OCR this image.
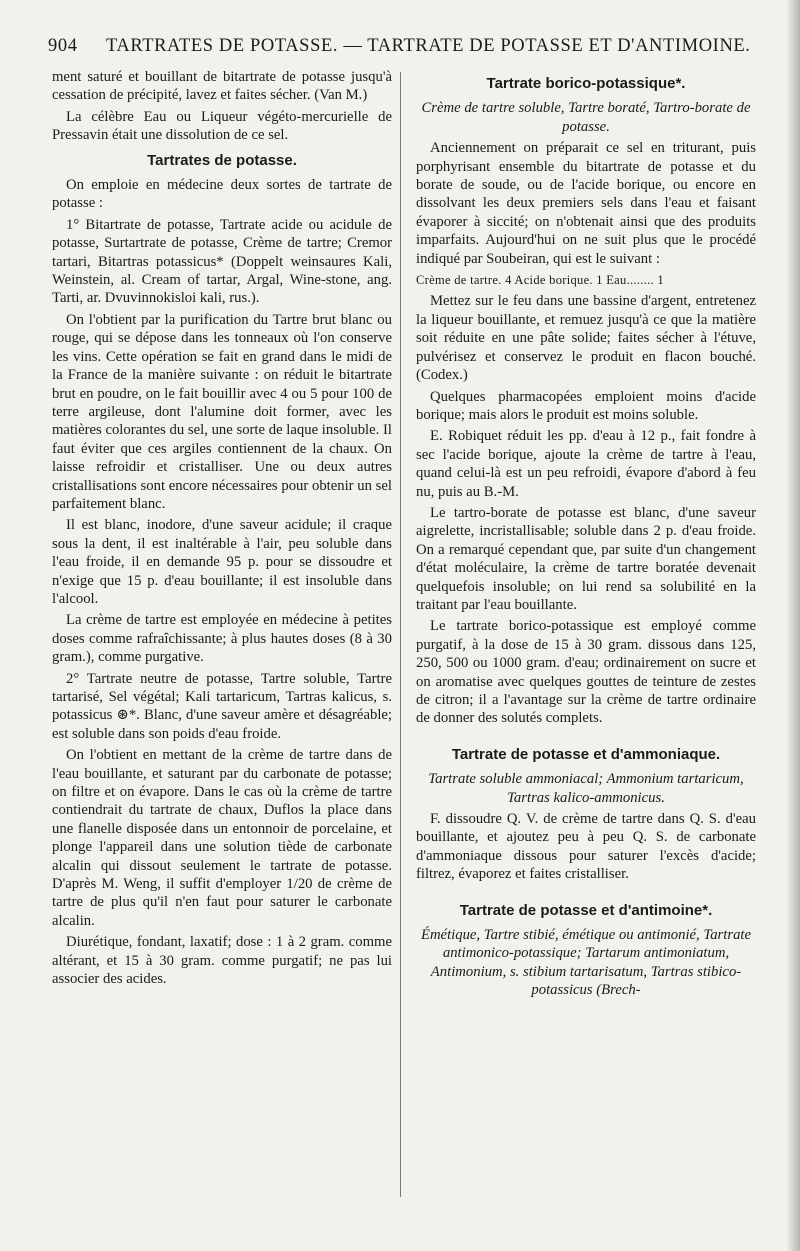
904 TARTRATES DE POTASSE. — TARTRATE DE POTASSE ET D'ANTIMOINE.

ment saturé et bouillant de bitartrate de potasse jusqu'à cessation de précipité, lavez et faites sécher. (Van M.)

La célèbre Eau ou Liqueur végéto-mercurielle de Pressavin était une dissolution de ce sel.

Tartrates de potasse.

On emploie en médecine deux sortes de tartrate de potasse :

1° Bitartrate de potasse, Tartrate acide ou acidule de potasse, Surtartrate de potasse, Crème de tartre; Cremor tartari, Bitartras potassicus* (Doppelt weinsaures Kali, Weinstein, al. Cream of tartar, Argal, Wine-stone, ang. Tarti, ar. Dvuvinnokisloi kali, rus.).

On l'obtient par la purification du Tartre brut blanc ou rouge, qui se dépose dans les tonneaux où l'on conserve les vins. Cette opération se fait en grand dans le midi de la France de la manière suivante : on réduit le bitartrate brut en poudre, on le fait bouillir avec 4 ou 5 pour 100 de terre argileuse, dont l'alumine doit former, avec les matières colorantes du sel, une sorte de laque insoluble. Il faut éviter que ces argiles contiennent de la chaux. On laisse refroidir et cristalliser. Une ou deux autres cristallisations sont encore nécessaires pour obtenir un sel parfaitement blanc.

Il est blanc, inodore, d'une saveur acidule; il craque sous la dent, il est inaltérable à l'air, peu soluble dans l'eau froide, il en demande 95 p. pour se dissoudre et n'exige que 15 p. d'eau bouillante; il est insoluble dans l'alcool.

La crème de tartre est employée en médecine à petites doses comme rafraîchissante; à plus hautes doses (8 à 30 gram.), comme purgative.

2° Tartrate neutre de potasse, Tartre soluble, Tartre tartarisé, Sel végétal; Kali tartaricum, Tartras kalicus, s. potassicus ⊛*. Blanc, d'une saveur amère et désagréable; est soluble dans son poids d'eau froide.

On l'obtient en mettant de la crème de tartre dans de l'eau bouillante, et saturant par du carbonate de potasse; on filtre et on évapore. Dans le cas où la crème de tartre contiendrait du tartrate de chaux, Duflos la place dans une flanelle disposée dans un entonnoir de porcelaine, et plonge l'appareil dans une solution tiède de carbonate alcalin qui dissout seulement le tartrate de potasse. D'après M. Weng, il suffit d'employer 1/20 de crème de tartre de plus qu'il n'en faut pour saturer le carbonate alcalin.

Diurétique, fondant, laxatif; dose : 1 à 2 gram. comme altérant, et 15 à 30 gram. comme purgatif; ne pas lui associer des acides.

Tartrate borico-potassique*.

Crème de tartre soluble, Tartre boraté, Tartro-borate de potasse.

Anciennement on préparait ce sel en triturant, puis porphyrisant ensemble du bitartrate de potasse et du borate de soude, ou de l'acide borique, ou encore en dissolvant les deux premiers sels dans l'eau et faisant évaporer à siccité; on n'obtenait ainsi que des produits imparfaits. Aujourd'hui on ne suit plus que le procédé indiqué par Soubeiran, qui est le suivant :

Crème de tartre. 4 Acide borique. 1 Eau........ 1

Mettez sur le feu dans une bassine d'argent, entretenez la liqueur bouillante, et remuez jusqu'à ce que la matière soit réduite en une pâte solide; faites sécher à l'étuve, pulvérisez et conservez le produit en flacon bouché. (Codex.)

Quelques pharmacopées emploient moins d'acide borique; mais alors le produit est moins soluble.

E. Robiquet réduit les pp. d'eau à 12 p., fait fondre à sec l'acide borique, ajoute la crème de tartre à l'eau, quand celui-là est un peu refroidi, évapore d'abord à feu nu, puis au B.-M.

Le tartro-borate de potasse est blanc, d'une saveur aigrelette, incristallisable; soluble dans 2 p. d'eau froide. On a remarqué cependant que, par suite d'un changement d'état moléculaire, la crème de tartre boratée devenait quelquefois insoluble; on lui rend sa solubilité en la traitant par l'eau bouillante.

Le tartrate borico-potassique est employé comme purgatif, à la dose de 15 à 30 gram. dissous dans 125, 250, 500 ou 1000 gram. d'eau; ordinairement on sucre et on aromatise avec quelques gouttes de teinture de zestes de citron; il a l'avantage sur la crème de tartre ordinaire de donner des solutés complets.

Tartrate de potasse et d'ammoniaque.

Tartrate soluble ammoniacal; Ammonium tartaricum, Tartras kalico-ammonicus.

F. dissoudre Q. V. de crème de tartre dans Q. S. d'eau bouillante, et ajoutez peu à peu Q. S. de carbonate d'ammoniaque dissous pour saturer l'excès d'acide; filtrez, évaporez et faites cristalliser.

Tartrate de potasse et d'antimoine*.

Émétique, Tartre stibié, émétique ou antimonié, Tartrate antimonico-potassique; Tartarum antimoniatum, Antimonium, s. stibium tartarisatum, Tartras stibico-potassicus (Brech-
